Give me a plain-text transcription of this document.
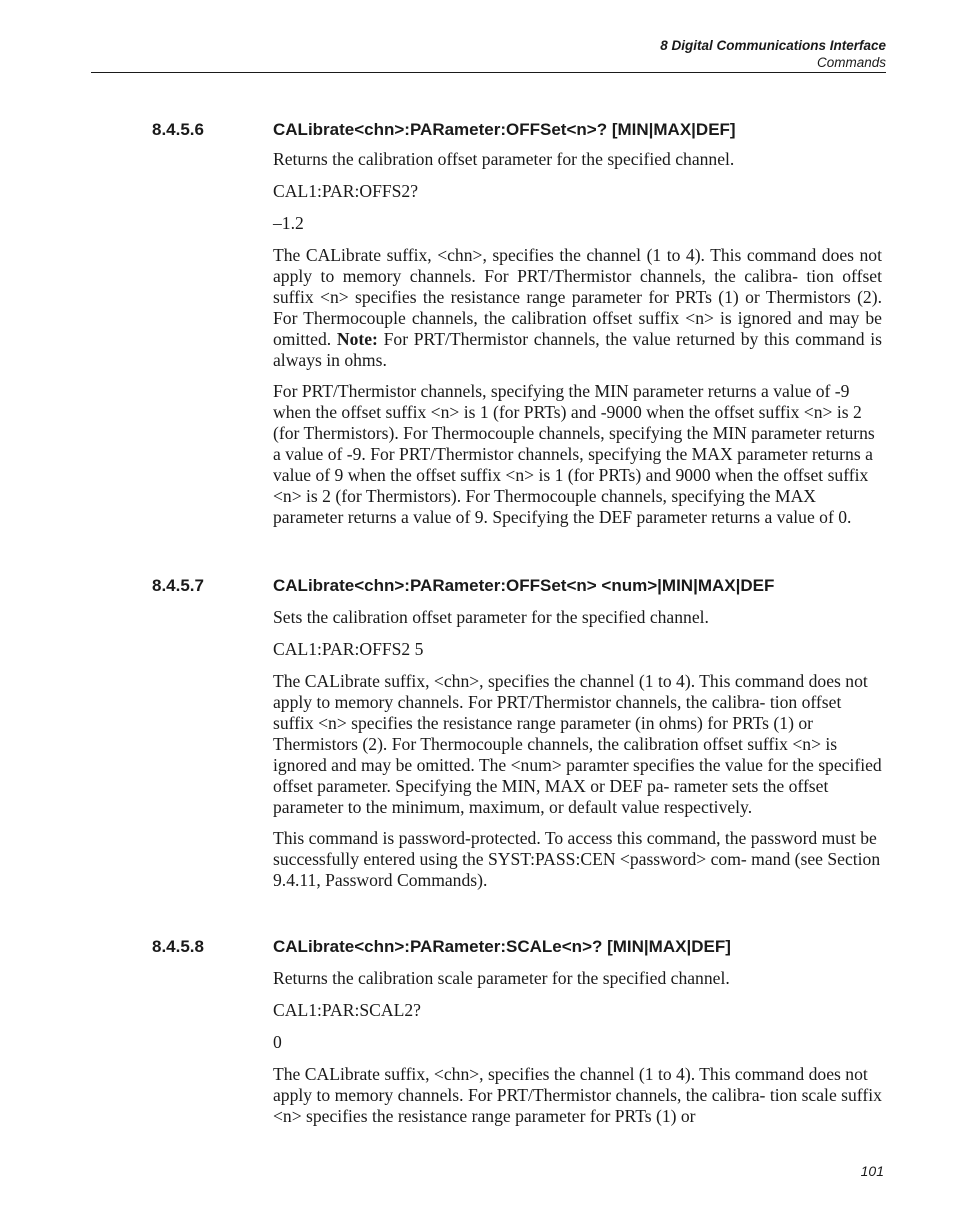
8 Digital Communications Interface
Commands
8.4.5.6	CALibrate<chn>:PARameter:OFFSet<n>? [MIN|MAX|DEF]

Returns the calibration offset parameter for the specified channel.

CAL1:PAR:OFFS2?

–1.2

The CALibrate suffix, <chn>, specifies the channel (1 to 4). This command does not apply to memory channels. For PRT/Thermistor channels, the calibra- tion offset suffix <n> specifies the resistance range parameter for PRTs (1) or Thermistors (2). For Thermocouple channels, the calibration offset suffix <n> is ignored and may be omitted. Note: For PRT/Thermistor channels, the value returned by this command is always in ohms.

For PRT/Thermistor channels, specifying the MIN parameter returns a value of -9 when the offset suffix <n> is 1 (for PRTs) and -9000 when the offset suffix <n> is 2 (for Thermistors). For Thermocouple channels, specifying the MIN parameter returns a value of -9. For PRT/Thermistor channels, specifying the MAX parameter returns a value of 9 when the offset suffix <n> is 1 (for PRTs) and 9000 when the offset suffix <n> is 2 (for Thermistors). For Thermocouple channels, specifying the MAX parameter returns a value of 9. Specifying the DEF parameter returns a value of 0.

8.4.5.7	CALibrate<chn>:PARameter:OFFSet<n> <num>|MIN|MAX|DEF

Sets the calibration offset parameter for the specified channel.

CAL1:PAR:OFFS2 5

The CALibrate suffix, <chn>, specifies the channel (1 to 4). This command does not apply to memory channels. For PRT/Thermistor channels, the calibra- tion offset suffix <n> specifies the resistance range parameter (in ohms) for PRTs (1) or Thermistors (2). For Thermocouple channels, the calibration offset suffix <n> is ignored and may be omitted. The <num> paramter specifies the value for the specified offset parameter. Specifying the MIN, MAX or DEF pa- rameter sets the offset parameter to the minimum, maximum, or default value respectively.

This command is password-protected. To access this command, the password must be successfully entered using the SYST:PASS:CEN <password> com- mand (see Section 9.4.11, Password Commands).

8.4.5.8	CALibrate<chn>:PARameter:SCALe<n>? [MIN|MAX|DEF]

Returns the calibration scale parameter for the specified channel.

CAL1:PAR:SCAL2?

0

The CALibrate suffix, <chn>, specifies the channel (1 to 4). This command does not apply to memory channels. For PRT/Thermistor channels, the calibra- tion scale suffix <n> specifies the resistance range parameter for PRTs (1) or

101
